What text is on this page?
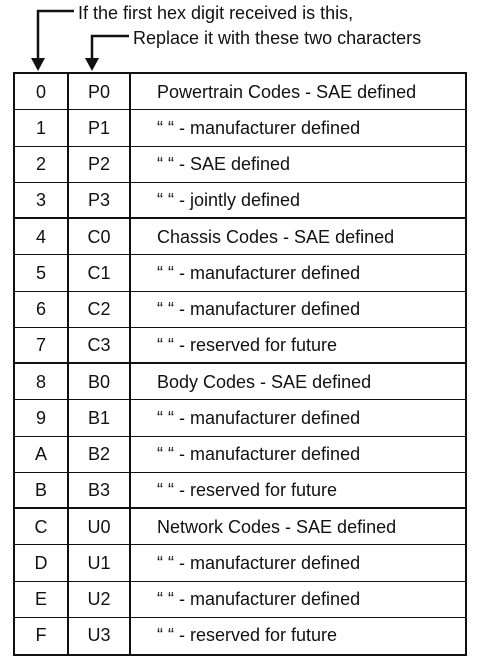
If the first hex digit received is this,
Replace it with these two characters
0	P0	Powertrain Codes - SAE defined
1	P1	“ “ - manufacturer defined
2	P2	“ “ - SAE defined
3	P3	“ “ - jointly defined
4	C0	Chassis Codes - SAE defined
5	C1	“ “ - manufacturer defined
6	C2	“ “ - manufacturer defined
7	C3	“ “ - reserved for future
8	B0	Body Codes - SAE defined
9	B1	“ “ - manufacturer defined
A	B2	“ “ - manufacturer defined
B	B3	“ “ - reserved for future
C	U0	Network Codes - SAE defined
D	U1	“ “ - manufacturer defined
E	U2	“ “ - manufacturer defined
F	U3	“ “ - reserved for future
